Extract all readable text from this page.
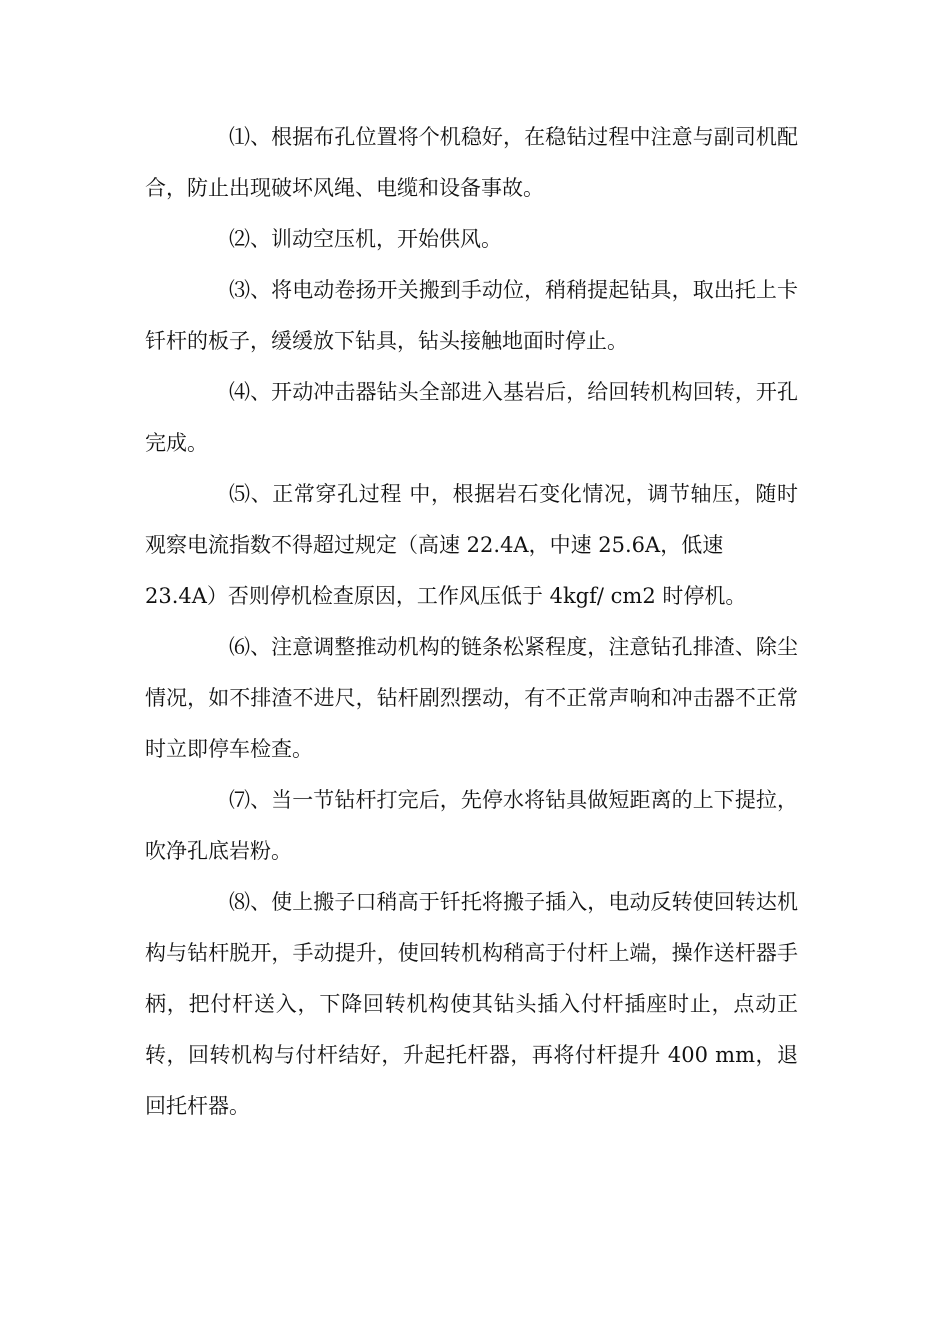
⑴、根据布孔位置将个机稳好，在稳钻过程中注意与副司机配合，防止出现破坏风绳、电缆和设备事故。

⑵、训动空压机，开始供风。

⑶、将电动卷扬开关搬到手动位，稍稍提起钻具，取出托上卡钎杆的板子，缓缓放下钻具，钻头接触地面时停止。

⑷、开动冲击器钻头全部进入基岩后，给回转机构回转，开孔完成。

⑸、正常穿孔过程 中，根据岩石变化情况，调节轴压，随时观察电流指数不得超过规定（高速 22.4A，中速 25.6A，低速
23.4A）否则停机检查原因，工作风压低于 4kgf/ cm2 时停机。

⑹、注意调整推动机构的链条松紧程度，注意钻孔排渣、除尘情况，如不排渣不进尺，钻杆剧烈摆动，有不正常声响和冲击器不正常时立即停车检查。

⑺、当一节钻杆打完后，先停水将钻具做短距离的上下提拉，吹净孔底岩粉。

⑻、使上搬子口稍高于钎托将搬子插入，电动反转使回转达机构与钻杆脱开，手动提升，使回转机构稍高于付杆上端，操作送杆器手柄，把付杆送入，下降回转机构使其钻头插入付杆插座时止，点动正转，回转机构与付杆结好，升起托杆器，再将付杆提升 400 mm，退回托杆器。
